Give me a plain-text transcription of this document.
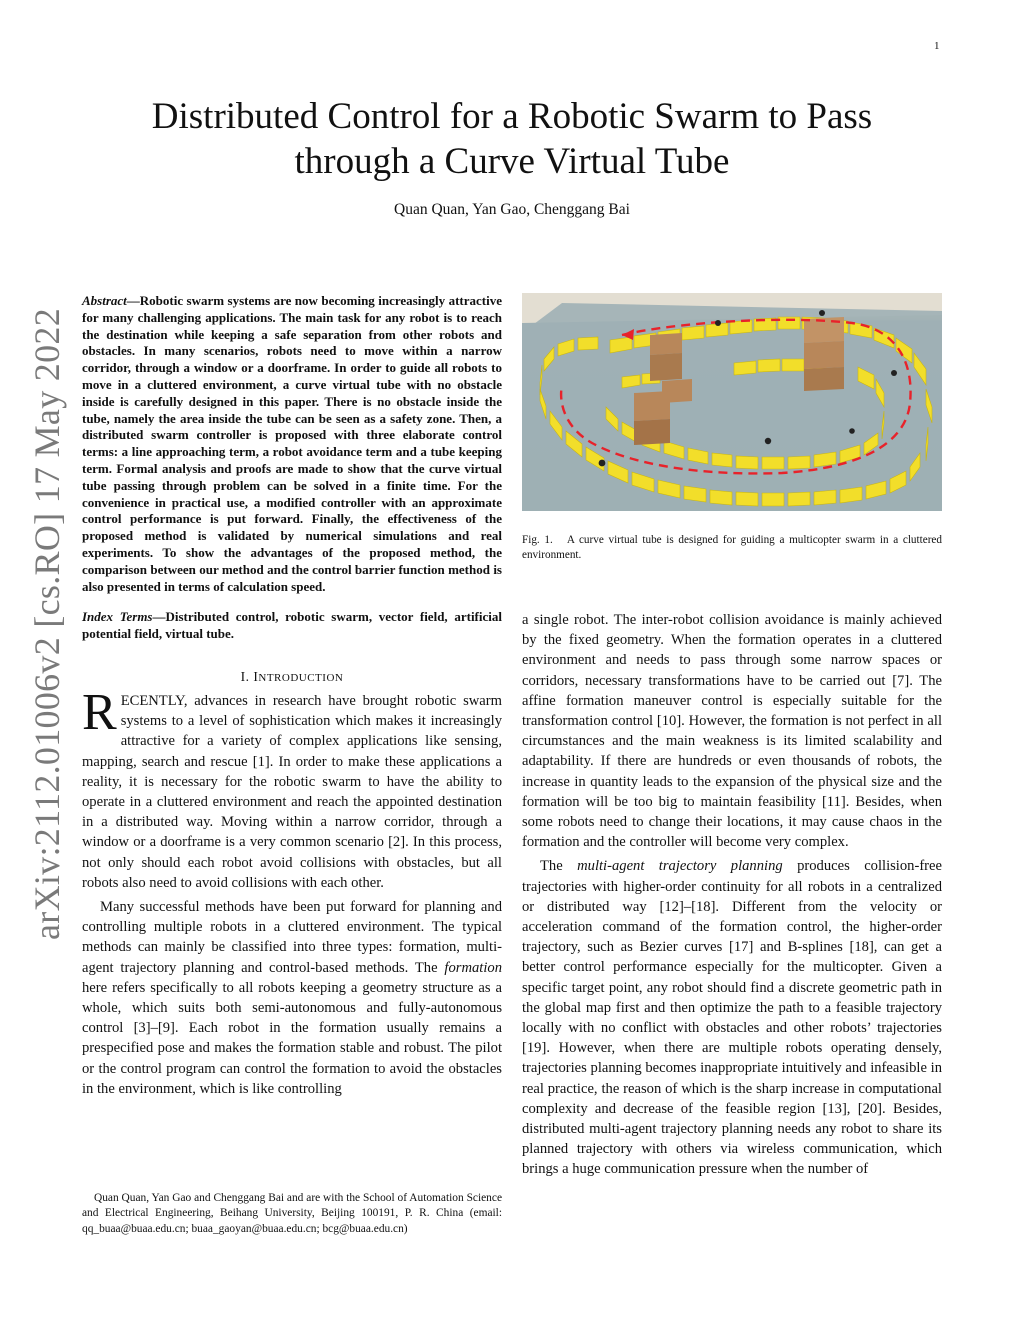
1
Distributed Control for a Robotic Swarm to Pass
through a Curve Virtual Tube
Quan Quan, Yan Gao, Chenggang Bai
arXiv:2112.01006v2 [cs.RO] 17 May 2022

Abstract—Robotic swarm systems are now becoming increasingly attractive for many challenging applications. The main task for any robot is to reach the destination while keeping a safe separation from other robots and obstacles. In many scenarios, robots need to move within a narrow corridor, through a window or a doorframe. In order to guide all robots to move in a cluttered environment, a curve virtual tube with no obstacle inside is carefully designed in this paper. There is no obstacle inside the tube, namely the area inside the tube can be seen as a safety zone. Then, a distributed swarm controller is proposed with three elaborate control terms: a line approaching term, a robot avoidance term and a tube keeping term. Formal analysis and proofs are made to show that the curve virtual tube passing through problem can be solved in a finite time. For the convenience in practical use, a modified controller with an approximate control performance is put forward. Finally, the effectiveness of the proposed method is validated by numerical simulations and real experiments. To show the advantages of the proposed method, the comparison between our method and the control barrier function method is also presented in terms of calculation speed.

Index Terms—Distributed control, robotic swarm, vector field, artificial potential field, virtual tube.

I. INTRODUCTION

RECENTLY, advances in research have brought robotic swarm systems to a level of sophistication which makes it increasingly attractive for a variety of complex applications like sensing, mapping, search and rescue [1]. In order to make these applications a reality, it is necessary for the robotic swarm to have the ability to operate in a cluttered environment and reach the appointed destination in a distributed way. Moving within a narrow corridor, through a window or a doorframe is a very common scenario [2]. In this process, not only should each robot avoid collisions with obstacles, but all robots also need to avoid collisions with each other.

Many successful methods have been put forward for planning and controlling multiple robots in a cluttered environment. The typical methods can mainly be classified into three types: formation, multi-agent trajectory planning and control-based methods. The formation here refers specifically to all robots keeping a geometry structure as a whole, which suits both semi-autonomous and fully-autonomous control [3]–[9]. Each robot in the formation usually remains a prespecified pose and makes the formation stable and robust. The pilot or the control program can control the formation to avoid the obstacles in the environment, which is like controlling

Quan Quan, Yan Gao and Chenggang Bai and are with the School of Automation Science and Electrical Engineering, Beihang University, Beijing 100191, P. R. China (email: qq_buaa@buaa.edu.cn; buaa_gaoyan@buaa.edu.cn; bcg@buaa.edu.cn)

Fig. 1. A curve virtual tube is designed for guiding a multicopter swarm in a cluttered environment.

a single robot. The inter-robot collision avoidance is mainly achieved by the fixed geometry. When the formation operates in a cluttered environment and needs to pass through some narrow spaces or corridors, necessary transformations have to be carried out [7]. The affine formation maneuver control is especially suitable for the transformation control [10]. However, the formation is not perfect in all circumstances and the main weakness is its limited scalability and adaptability. If there are hundreds or even thousands of robots, the increase in quantity leads to the expansion of the physical size and the formation will be too big to maintain feasibility [11]. Besides, when some robots need to change their locations, it may cause chaos in the formation and the controller will become very complex.

The multi-agent trajectory planning produces collision-free trajectories with higher-order continuity for all robots in a centralized or distributed way [12]–[18]. Different from the velocity or acceleration command of the formation control, the higher-order trajectory, such as Bezier curves [17] and B-splines [18], can get a better control performance especially for the multicopter. Given a specific target point, any robot should find a discrete geometric path in the global map first and then optimize the path to a feasible trajectory locally with no conflict with obstacles and other robots’ trajectories [19]. However, when there are multiple robots operating densely, trajectories planning becomes inappropriate intuitively and infeasible in real practice, the reason of which is the sharp increase in computational complexity and decrease of the feasible region [13], [20]. Besides, distributed multi-agent trajectory planning needs any robot to share its planned trajectory with others via wireless communication, which brings a huge communication pressure when the number of
